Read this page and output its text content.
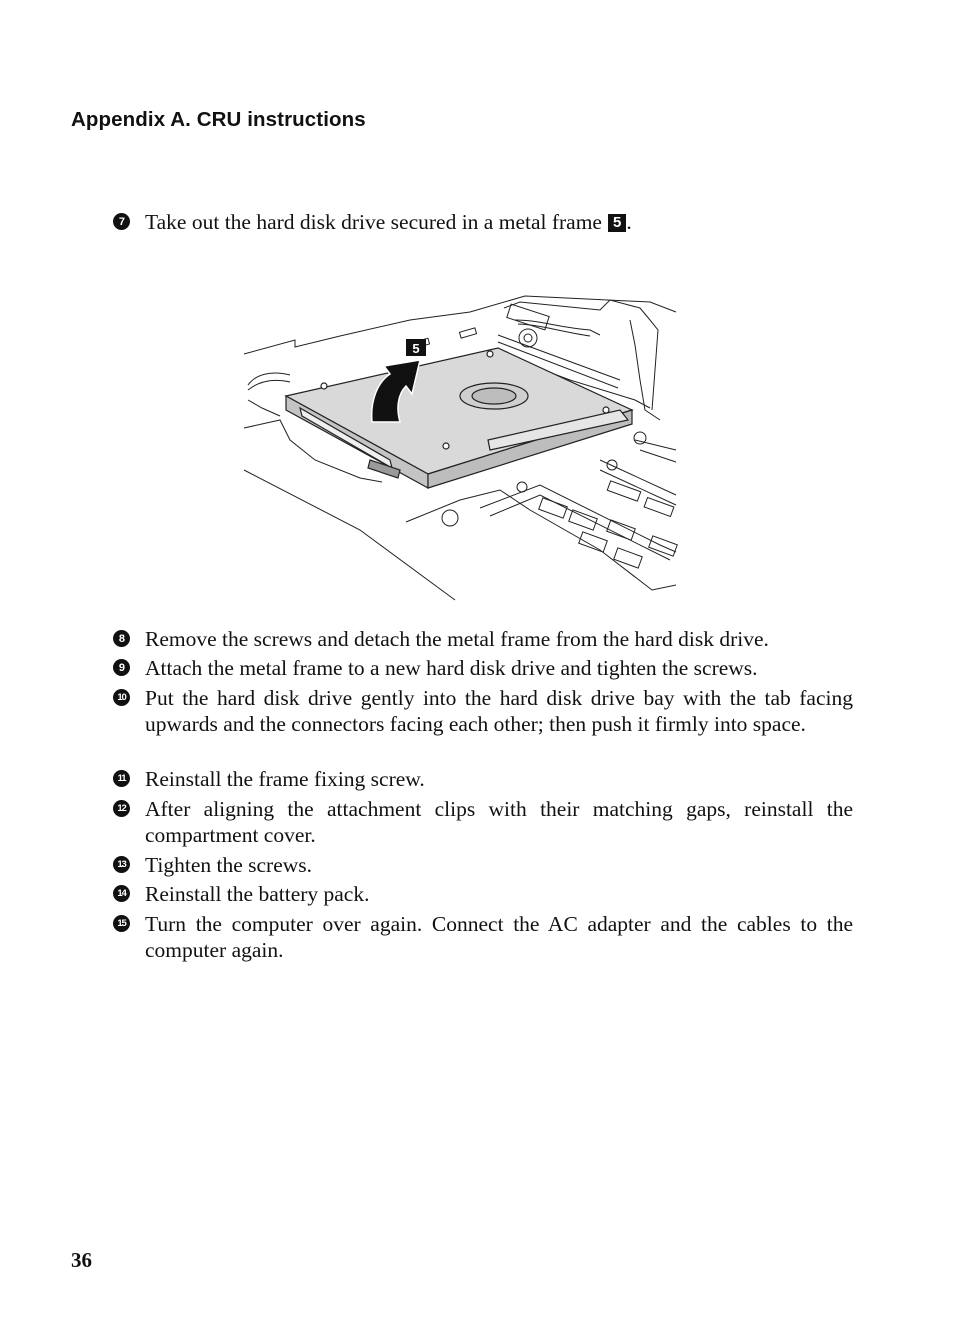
Appendix A. CRU instructions
7 Take out the hard disk drive secured in a metal frame 5 .
5
8 Remove the screws and detach the metal frame from the hard disk drive.
9 Attach the metal frame to a new hard disk drive and tighten the screws.
10 Put the hard disk drive gently into the hard disk drive bay with the tab facing upwards and the connectors facing each other; then push it firmly into space.
11 Reinstall the frame fixing screw.
12 After aligning the attachment clips with their matching gaps, reinstall the compartment cover.
13 Tighten the screws.
14 Reinstall the battery pack.
15 Turn the computer over again. Connect the AC adapter and the cables to the computer again.
36
